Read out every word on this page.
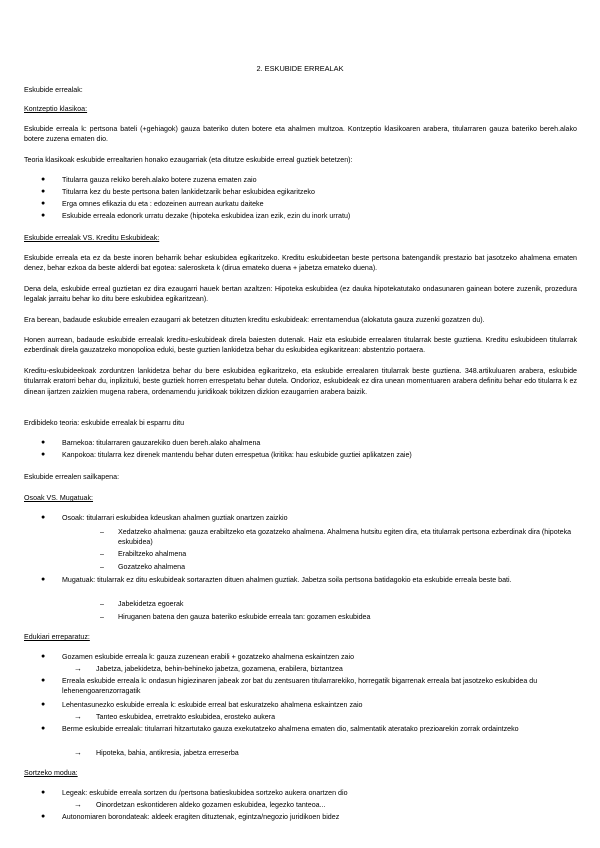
2. ESKUBIDE ERREALAK
Eskubide errealak:
Kontzeptio klasikoa:

Eskubide erreala k: pertsona bateli (+gehiagok) gauza bateriko duten botere eta ahalmen multzoa. Kontzeptio klasikoaren arabera, titularraren gauza bateriko bereh.alako botere zuzena ematen dio.

Teoria klasikoak eskubide errealtarien honako ezaugarriak (eta ditutze eskubide erreal guztiek betetzen):
● Titularra gauza rekiko bereh.alako botere zuzena ematen zaio
● Titularra kez du beste pertsona baten lankidetzarik behar eskubidea egikaritzeko
● Erga omnes efikazia du eta : edozeinen aurrean aurkatu daiteke
● Eskubide erreala edonork urratu dezake (hipoteka eskubidea izan ezik, ezin du inork urratu)
Eskubide errealak VS. Kreditu Eskubideak:

Eskubide erreala eta ez da beste inoren beharrik behar eskubidea egikaritzeko. Kreditu eskubideetan beste pertsona batengandik prestazio bat jasotzeko ahalmena ematen denez, behar ezkoa da beste alderdi bat egotea: salerosketa k (dirua emateko duena + jabetza emateko duena).

Dena dela, eskubide erreal guztietan ez dira ezaugarri hauek bertan azaltzen: Hipoteka eskubidea (ez dauka hipotekatutako ondasunaren gainean botere zuzenik, prozedura legalak jarraitu behar ko ditu bere eskubidea egikaritzean).

Era berean, badaude eskubide errealen ezaugarri ak betetzen dituzten kreditu eskubideak: errentamendua (alokatuta gauza zuzenki gozatzen du).

Honen aurrean, badaude eskubide errealak kreditu-eskubideak direla baiesten dutenak. Haiz eta eskubide errealaren titularrak beste guztiena. Kreditu eskubideen titularrak ezberdinak direla gauzatzeko monopolioa eduki, beste guztien lankidetza behar du eskubidea egikaritzean: abstentzio portaera.

Kreditu-eskubideekoak zorduntzen lankidetza behar du bere eskubidea egikaritzeko, eta eskubide errealaren titularrak beste guztiena. 348.artikuluaren arabera, eskubide titularrak eratorri behar du, inplizituki, beste guztiek horren errespetatu behar dutela. Ondorioz, eskubideak ez dira unean momentuaren arabera definitu behar edo titularra k ez dinean ijartzen zaizkien mugena rabera, ordenamendu juridikoak txikitzen dizkion ezaugarrien arabera baizik.

Erdibideko teoria: eskubide errealak bi esparru ditu
● Barnekoa: titularraren gauzarekiko duen bereh.alako ahalmena
● Kanpokoa: titularra kez direnek mantendu behar duten errespetua (kritika: hau eskubide guztiei aplikatzen zaie)
Eskubide errealen sailkapena:
Osoak VS. Mugatuak:
● Osoak: titularrari eskubidea kdeuskan ahalmen guztiak onartzen zaizkio
– Xedatzeko ahalmena: gauza erabiltzeko eta gozatzeko ahalmena. Ahalmena hutsitu egiten dira, eta titularrak pertsona ezberdinak dira (hipoteka eskubidea)
– Erabiltzeko ahalmena
– Gozatzeko ahalmena
● Mugatuak: titularrak ez ditu eskubideak sortarazten dituen ahalmen guztiak. Jabetza soila pertsona batidagokio eta eskubide erreala beste bati.
– Jabekidetza egoerak
– Hiruganen batena den gauza bateriko eskubide erreala tan: gozamen eskubidea
Edukiari erreparatuz:
● Gozamen eskubide erreala k: gauza zuzenean erabili + gozatzeko ahalmena eskaintzen zaio
→ Jabetza, jabekidetza, behin-behineko jabetza, gozamena, erabilera, biztantzea
● Erreala eskubide erreala k: ondasun higiezinaren jabeak zor bat du zentsuaren titularrarekiko, horregatik bigarrenak erreala bat jasotzeko eskubidea du lehenengoarenzorragatik
● Lehentasunezko eskubide erreala k: eskubide erreal bat eskuratzeko ahalmena eskaintzen zaio
→ Tanteo eskubidea, erretrakto eskubidea, erosteko aukera
● Berme eskubide errealak: titularrari hitzartutako gauza exekutatzeko ahalmena ematen dio, salmentatik ateratako prezioarekin zorrak ordaintzeko
→ Hipoteka, bahia, antikresia, jabetza erreserba
Sortzeko modua:
● Legeak: eskubide erreala sortzen du /pertsona batieskubidea sortzeko aukera onartzen dio
→ Oinordetzan eskontideren aldeko gozamen eskubidea, legezko tanteoa...
● Autonomiaren borondateak: aldeek eragiten dituztenak, egintza/negozio juridikoen bidez
